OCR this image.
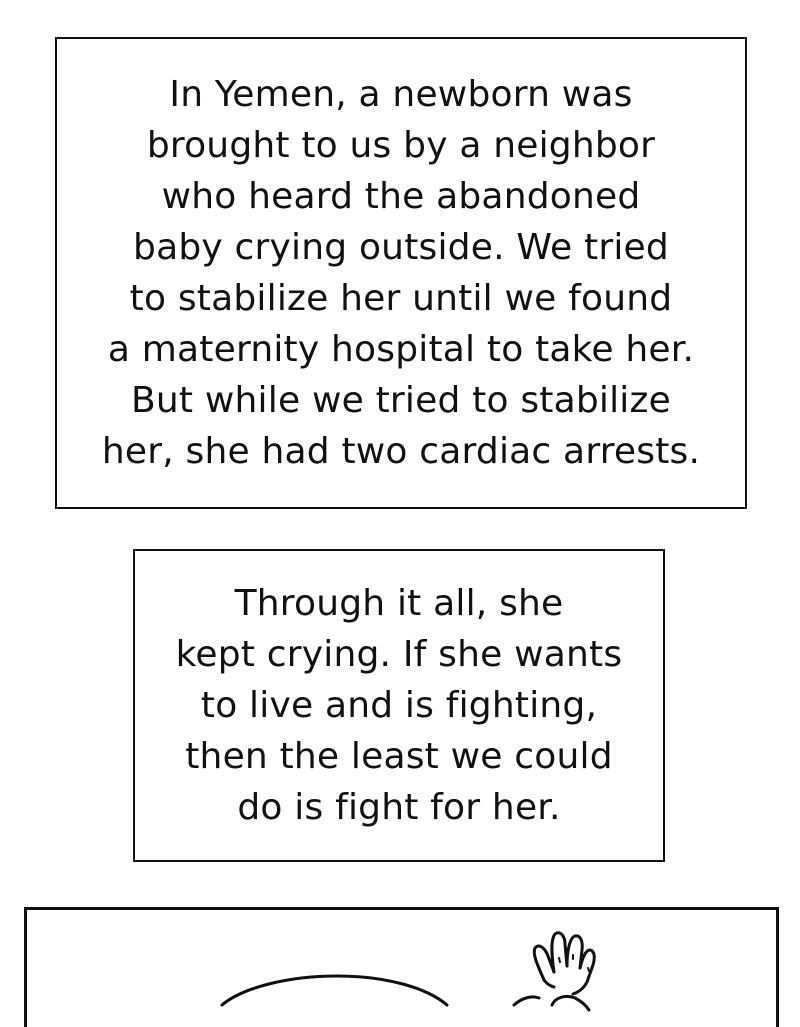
In Yemen, a newborn was
brought to us by a neighbor
who heard the abandoned
baby crying outside. We tried
to stabilize her until we found
a maternity hospital to take her.
But while we tried to stabilize
her, she had two cardiac arrests.
Through it all, she
kept crying. If she wants
to live and is fighting,
then the least we could
do is fight for her.
